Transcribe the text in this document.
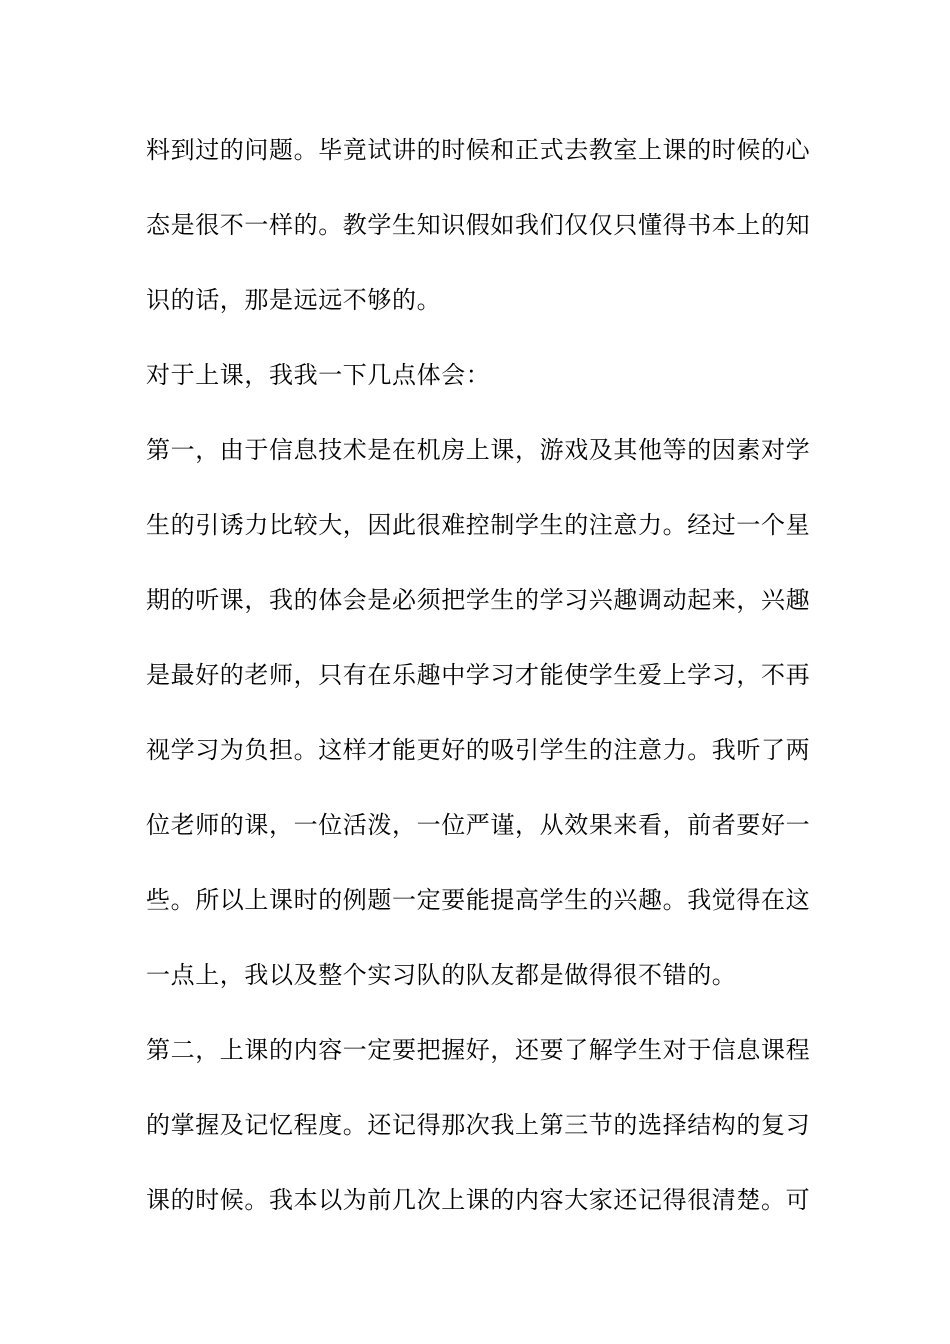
料到过的问题。毕竟试讲的时候和正式去教室上课的时候的心
态是很不一样的。教学生知识假如我们仅仅只懂得书本上的知
识的话，那是远远不够的。
对于上课，我我一下几点体会：
第一，由于信息技术是在机房上课，游戏及其他等的因素对学
生的引诱力比较大，因此很难控制学生的注意力。经过一个星
期的听课，我的体会是必须把学生的学习兴趣调动起来，兴趣
是最好的老师，只有在乐趣中学习才能使学生爱上学习，不再
视学习为负担。这样才能更好的吸引学生的注意力。我听了两
位老师的课，一位活泼，一位严谨，从效果来看，前者要好一
些。所以上课时的例题一定要能提高学生的兴趣。我觉得在这
一点上，我以及整个实习队的队友都是做得很不错的。
第二，上课的内容一定要把握好，还要了解学生对于信息课程
的掌握及记忆程度。还记得那次我上第三节的选择结构的复习
课的时候。我本以为前几次上课的内容大家还记得很清楚。可
